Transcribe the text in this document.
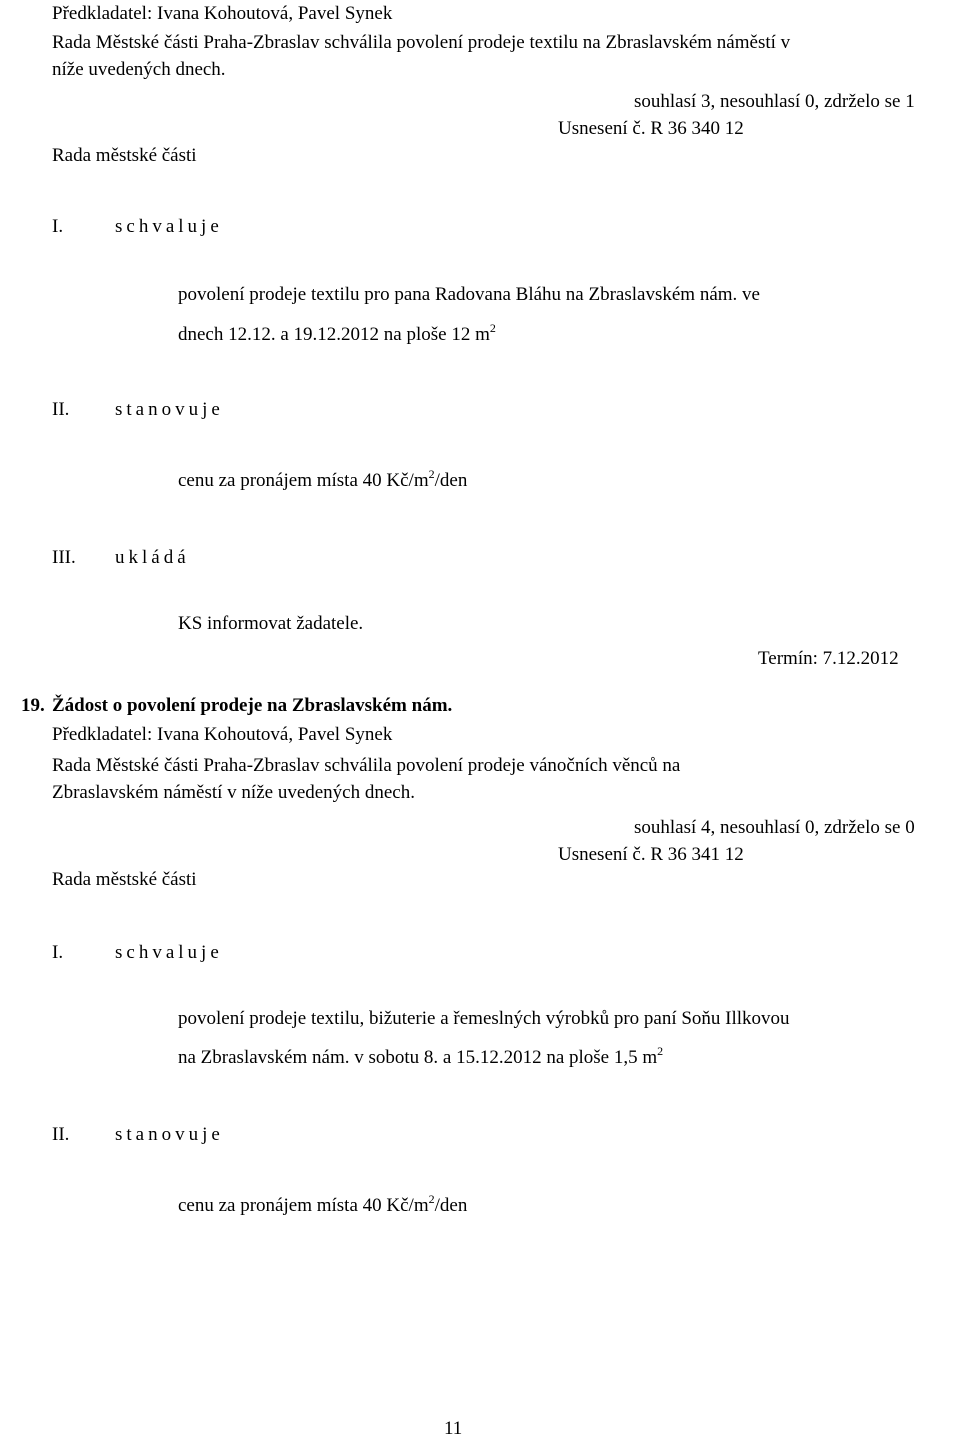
Předkladatel: Ivana Kohoutová, Pavel Synek
Rada Městské části Praha-Zbraslav schválila povolení prodeje textilu na Zbraslavském náměstí v
níže uvedených dnech.
souhlasí 3, nesouhlasí 0, zdrželo se 1
Usnesení č. R 36 340 12
Rada městské části
I.	schvaluje
povolení prodeje textilu pro pana Radovana Bláhu na Zbraslavském nám. ve
dnech 12.12. a 19.12.2012 na ploše 12 $m^2$
II. stanovuje
cenu za pronájem místa 40 $Kč/m^2$/den
III. ukládá
KS informovat žadatele.
Termín: 7.12.2012
19. Žádost o povolení prodeje na Zbraslavském nám.
Předkladatel: Ivana Kohoutová, Pavel Synek
Rada Městské části Praha-Zbraslav schválila povolení prodeje vánočních věnců na
Zbraslavském náměstí v níže uvedených dnech.
souhlasí 4, nesouhlasí 0, zdrželo se 0
Usnesení č. R 36 341 12
Rada městské části
I.	schvaluje
povolení prodeje textilu, bižuterie a řemeslných výrobků pro paní Soňu Illkovou
na Zbraslavském nám. v sobotu 8. a 15.12.2012 na ploše 1,5 $m^2$
II. stanovuje
cenu za pronájem místa 40 $Kč/m^2$/den
11
